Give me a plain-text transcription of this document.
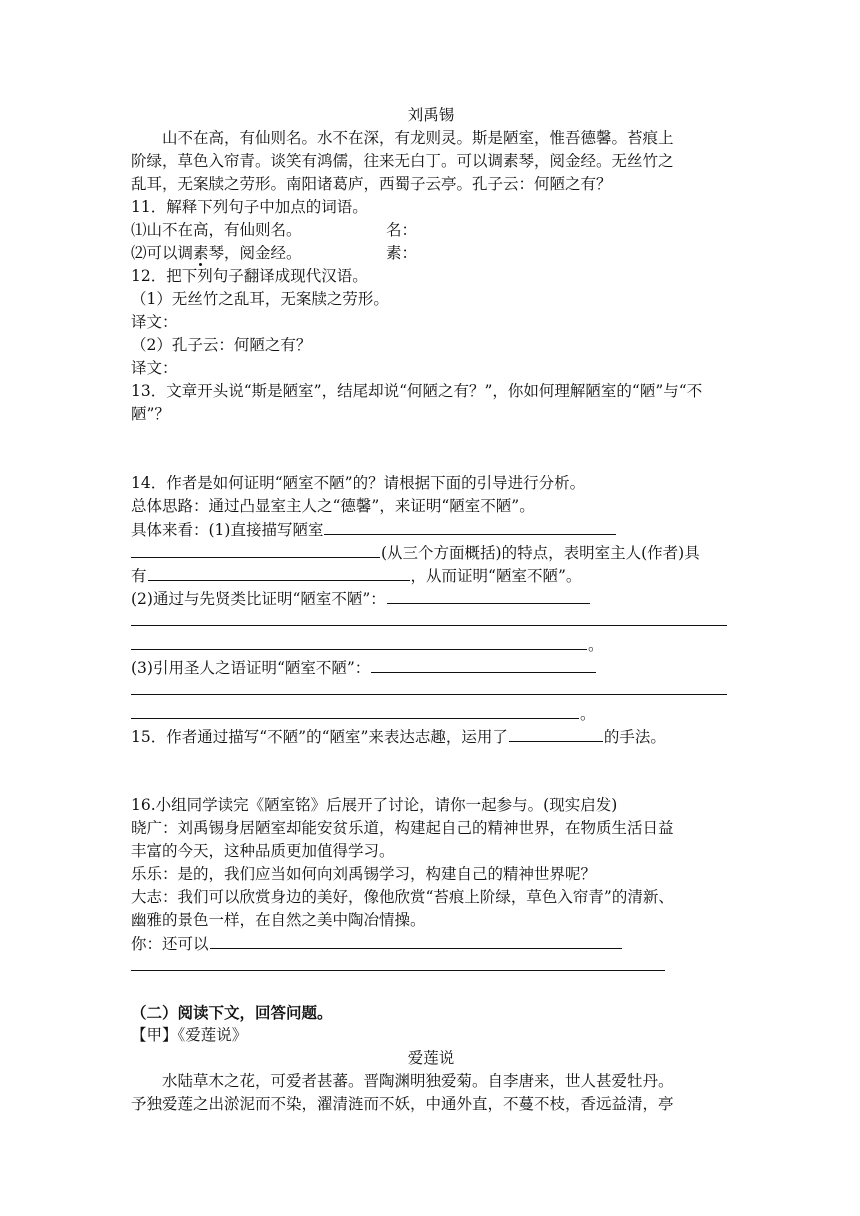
刘禹锡
山不在高，有仙则名。水不在深，有龙则灵。斯是陋室，惟吾德馨。苔痕上
阶绿，草色入帘青。谈笑有鸿儒，往来无白丁。可以调素琴，阅金经。无丝竹之
乱耳，无案牍之劳形。南阳诸葛庐，西蜀子云亭。孔子云：何陋之有？
11．解释下列句子中加点的词语。
⑴山不在高，有仙则名。	名：
⑵可以调素琴，阅金经。	素：
12．把下列句子翻译成现代汉语。
（1）无丝竹之乱耳，无案牍之劳形。
译文：
（2）孔子云：何陋之有？
译文：
13．文章开头说“斯是陋室”，结尾却说“何陋之有？”，你如何理解陋室的“陋”与“不
陋”？
14．作者是如何证明“陋室不陋”的？请根据下面的引导进行分析。
总体思路：通过凸显室主人之“德馨”，来证明“陋室不陋”。
具体来看：(1)直接描写陋室
(从三个方面概括)的特点，表明室主人(作者)具
有	，从而证明“陋室不陋”。
(2)通过与先贤类比证明“陋室不陋”：
。
(3)引用圣人之语证明“陋室不陋”：
。
15．作者通过描写“不陋”的“陋室”来表达志趣，运用了	的手法。
16.小组同学读完《陋室铭》后展开了讨论，请你一起参与。(现实启发)
晓广：刘禹锡身居陋室却能安贫乐道，构建起自己的精神世界，在物质生活日益
丰富的今天，这种品质更加值得学习。
乐乐：是的，我们应当如何向刘禹锡学习，构建自己的精神世界呢？
大志：我们可以欣赏身边的美好，像他欣赏“苔痕上阶绿，草色入帘青”的清新、
幽雅的景色一样，在自然之美中陶冶情操。
你：还可以
（二）阅读下文，回答问题。
【甲】《爱莲说》
爱莲说
水陆草木之花，可爱者甚蕃。晋陶渊明独爱菊。自李唐来，世人甚爱牡丹。
予独爱莲之出淤泥而不染，濯清涟而不妖，中通外直，不蔓不枝，香远益清，亭
